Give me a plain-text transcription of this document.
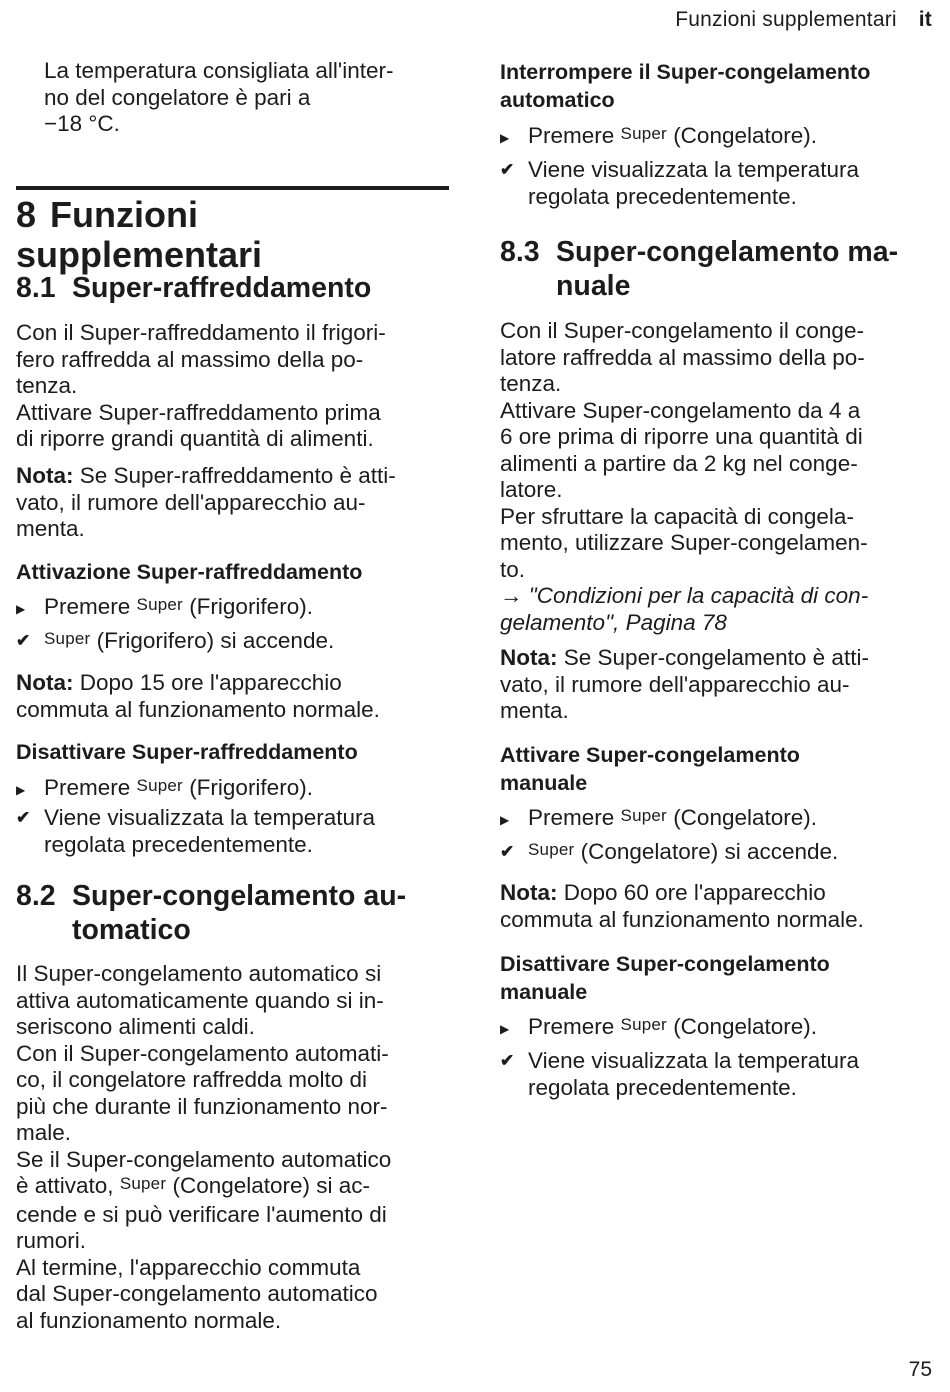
Funzioni supplementari it

La temperatura consigliata all'inter-

no del congelatore è pari a

−18 °C.

8 Funzioni supplementari
8.1 Super-raffreddamento

Con il Super-raffreddamento il frigori-

fero raffredda al massimo della po-

tenza.

Attivare Super-raffreddamento prima

di riporre grandi quantità di alimenti.

Nota: Se Super-raffreddamento è atti-

vato, il rumore dell'apparecchio au-

menta.

Attivazione Super-raffreddamento
▶ Premere Super (Frigorifero).
✔ Super (Frigorifero) si accende.

Nota: Dopo 15 ore l'apparecchio

commuta al funzionamento normale.

Disattivare Super-raffreddamento
▶ Premere Super (Frigorifero).
✔ Viene visualizzata la temperatura
regolata precedentemente.
8.2 Super-congelamento au-
tomatico

Il Super-congelamento automatico si

attiva automaticamente quando si in-

seriscono alimenti caldi.

Con il Super-congelamento automati-

co, il congelatore raffredda molto di

più che durante il funzionamento nor-

male.

Se il Super-congelamento automatico

è attivato, Super (Congelatore) si ac-

cende e si può verificare l'aumento di

rumori.

Al termine, l'apparecchio commuta

dal Super-congelamento automatico

al funzionamento normale.

Interrompere il Super-congelamento
automatico
▶ Premere Super (Congelatore).
✔ Viene visualizzata la temperatura
regolata precedentemente.
8.3 Super-congelamento ma-
nuale

Con il Super-congelamento il conge-

latore raffredda al massimo della po-

tenza.

Attivare Super-congelamento da 4 a

6 ore prima di riporre una quantità di

alimenti a partire da 2 kg nel conge-

latore.

Per sfruttare la capacità di congela-

mento, utilizzare Super-congelamen-

to.

→ "Condizioni per la capacità di con-

gelamento", Pagina 78

Nota: Se Super-congelamento è atti-

vato, il rumore dell'apparecchio au-

menta.

Attivare Super-congelamento
manuale
▶ Premere Super (Congelatore).
✔ Super (Congelatore) si accende.

Nota: Dopo 60 ore l'apparecchio

commuta al funzionamento normale.

Disattivare Super-congelamento
manuale
▶ Premere Super (Congelatore).
✔ Viene visualizzata la temperatura
regolata precedentemente.
75
